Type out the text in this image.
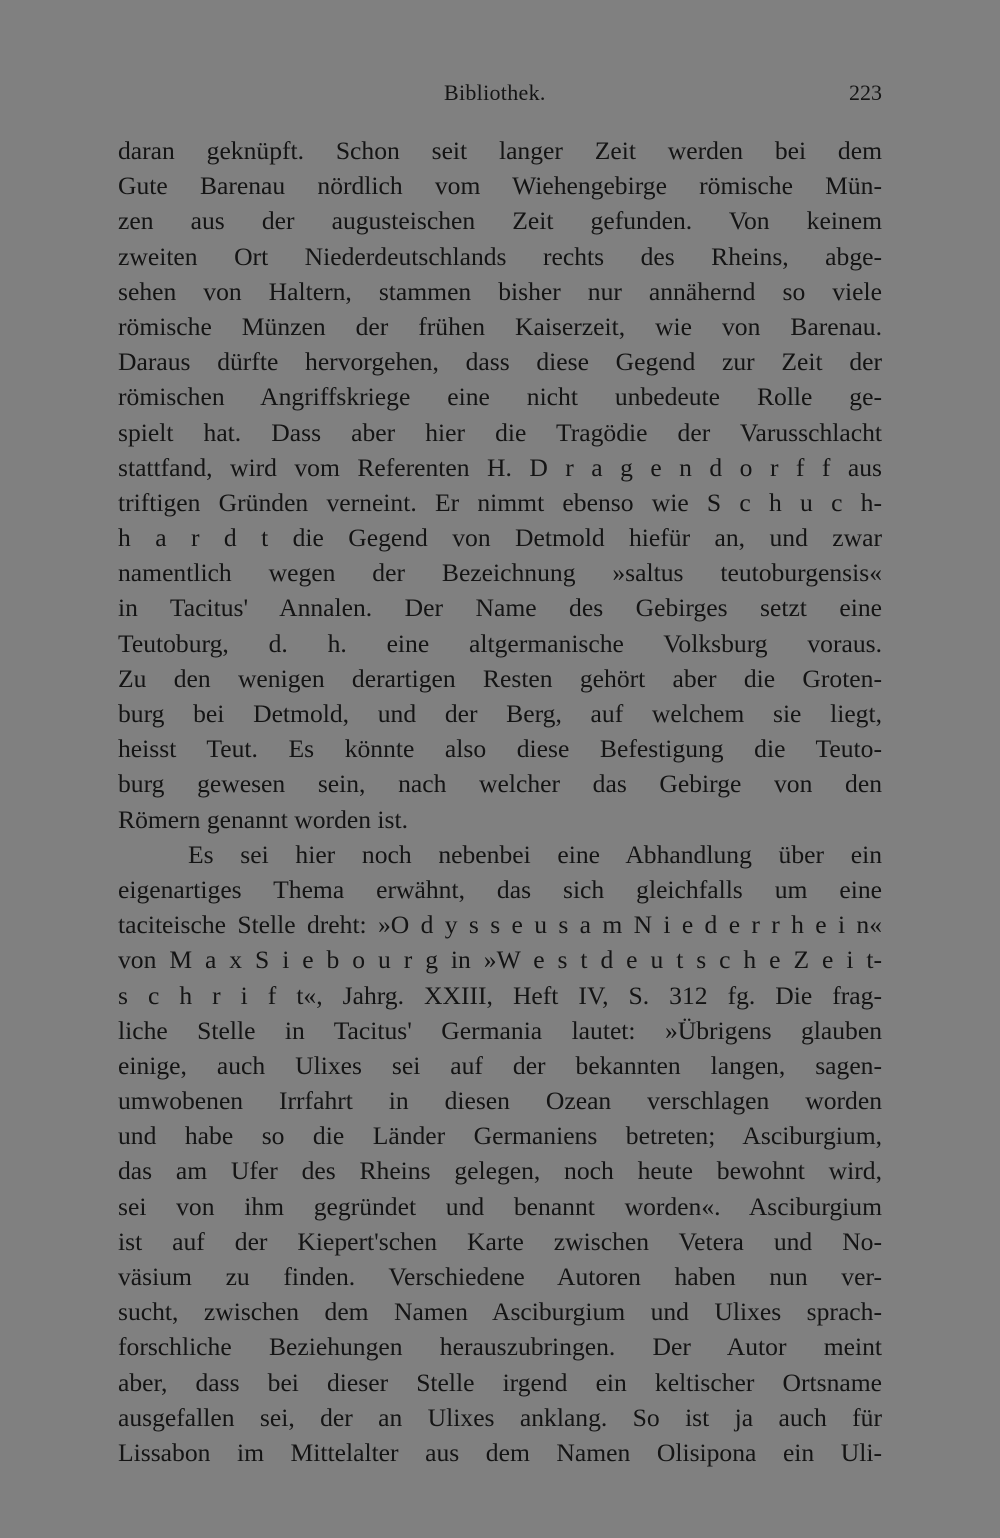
Bibliothek.	223
daran geknüpft. Schon seit langer Zeit werden bei dem
Gute Barenau nördlich vom Wiehengebirge römische Mün-
zen aus der augusteischen Zeit gefunden. Von keinem
zweiten Ort Niederdeutschlands rechts des Rheins, abge-
sehen von Haltern, stammen bisher nur annähernd so viele
römische Münzen der frühen Kaiserzeit, wie von Barenau.
Daraus dürfte hervorgehen, dass diese Gegend zur Zeit der
römischen Angriffskriege eine nicht unbedeute Rolle ge-
spielt hat. Dass aber hier die Tragödie der Varusschlacht
stattfand, wird vom Referenten H. D r a g e n d o r f f aus
triftigen Gründen verneint. Er nimmt ebenso wie S c h u c h-
h a r d t die Gegend von Detmold hiefür an, und zwar
namentlich wegen der Bezeichnung »saltus teutoburgensis«
in Tacitus' Annalen. Der Name des Gebirges setzt eine
Teutoburg, d. h. eine altgermanische Volksburg voraus.
Zu den wenigen derartigen Resten gehört aber die Groten-
burg bei Detmold, und der Berg, auf welchem sie liegt,
heisst Teut. Es könnte also diese Befestigung die Teuto-
burg gewesen sein, nach welcher das Gebirge von den
Römern genannt worden ist.
Es sei hier noch nebenbei eine Abhandlung über ein
eigenartiges Thema erwähnt, das sich gleichfalls um eine
taciteische Stelle dreht: »O d y s s e u s a m N i e d e r r h e i n«
von M a x S i e b o u r g in »W e s t d e u t s c h e Z e i t-
s c h r i f t«, Jahrg. XXIII, Heft IV, S. 312 fg. Die frag-
liche Stelle in Tacitus' Germania lautet: »Übrigens glauben
einige, auch Ulixes sei auf der bekannten langen, sagen-
umwobenen Irrfahrt in diesen Ozean verschlagen worden
und habe so die Länder Germaniens betreten; Asciburgium,
das am Ufer des Rheins gelegen, noch heute bewohnt wird,
sei von ihm gegründet und benannt worden«. Asciburgium
ist auf der Kiepert'schen Karte zwischen Vetera und No-
väsium zu finden. Verschiedene Autoren haben nun ver-
sucht, zwischen dem Namen Asciburgium und Ulixes sprach-
forschliche Beziehungen herauszubringen. Der Autor meint
aber, dass bei dieser Stelle irgend ein keltischer Ortsname
ausgefallen sei, der an Ulixes anklang. So ist ja auch für
Lissabon im Mittelalter aus dem Namen Olisipona ein Uli-
